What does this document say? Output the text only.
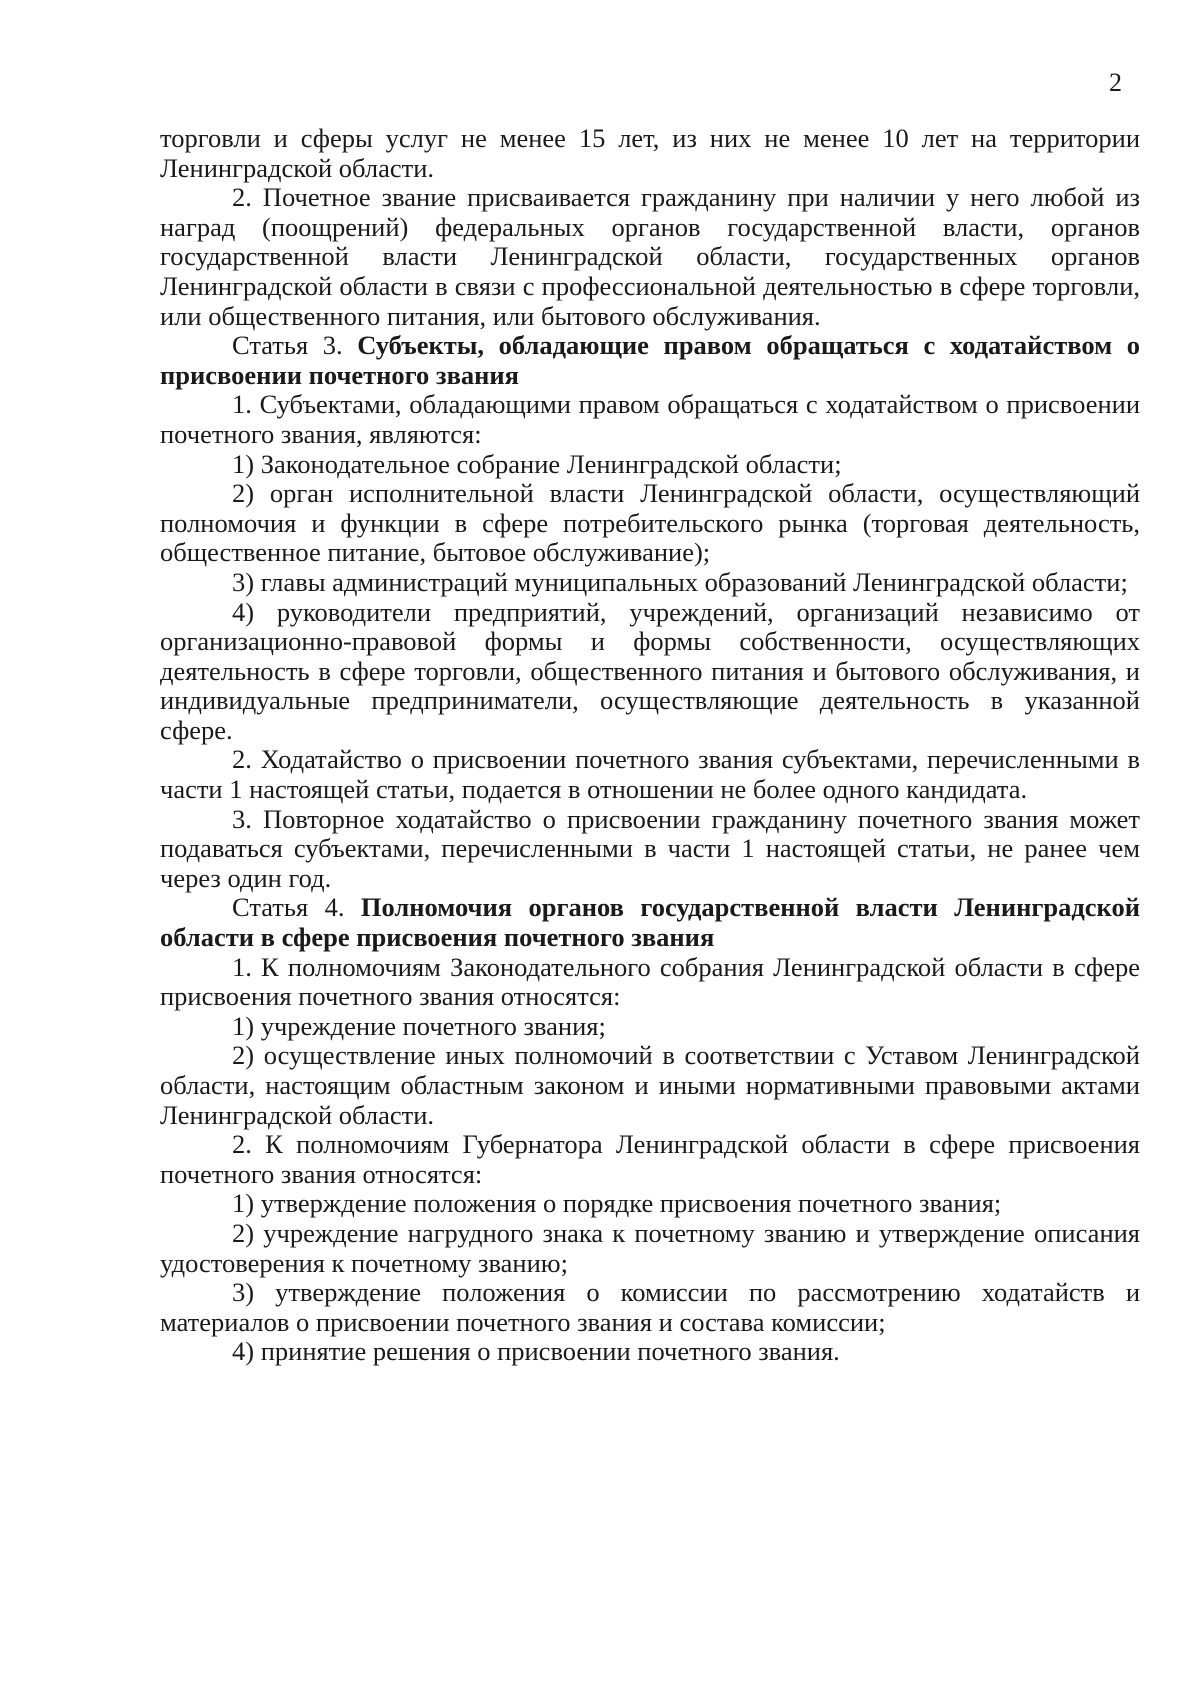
2

торговли и сферы услуг не менее 15 лет, из них не менее 10 лет на территории Ленинградской области.

2. Почетное звание присваивается гражданину при наличии у него любой из наград (поощрений) федеральных органов государственной власти, органов государственной власти Ленинградской области, государственных органов Ленинградской области в связи с профессиональной деятельностью в сфере торговли, или общественного питания, или бытового обслуживания.

Статья 3. Субъекты, обладающие правом обращаться с ходатайством о присвоении почетного звания

1. Субъектами, обладающими правом обращаться с ходатайством о присвоении почетного звания, являются:

1) Законодательное собрание Ленинградской области;

2) орган исполнительной власти Ленинградской области, осуществляющий полномочия и функции в сфере потребительского рынка (торговая деятельность, общественное питание, бытовое обслуживание);

3) главы администраций муниципальных образований Ленинградской области;

4) руководители предприятий, учреждений, организаций независимо от организационно-правовой формы и формы собственности, осуществляющих деятельность в сфере торговли, общественного питания и бытового обслуживания, и индивидуальные предприниматели, осуществляющие деятельность в указанной сфере.

2. Ходатайство о присвоении почетного звания субъектами, перечисленными в части 1 настоящей статьи, подается в отношении не более одного кандидата.

3. Повторное ходатайство о присвоении гражданину почетного звания может подаваться субъектами, перечисленными в части 1 настоящей статьи, не ранее чем через один год.

Статья 4. Полномочия органов государственной власти Ленинградской области в сфере присвоения почетного звания

1. К полномочиям Законодательного собрания Ленинградской области в сфере присвоения почетного звания относятся:

1) учреждение почетного звания;

2) осуществление иных полномочий в соответствии с Уставом Ленинградской области, настоящим областным законом и иными нормативными правовыми актами Ленинградской области.

2. К полномочиям Губернатора Ленинградской области в сфере присвоения почетного звания относятся:

1) утверждение положения о порядке присвоения почетного звания;

2) учреждение нагрудного знака к почетному званию и утверждение описания удостоверения к почетному званию;

3) утверждение положения о комиссии по рассмотрению ходатайств и материалов о присвоении почетного звания и состава комиссии;

4) принятие решения о присвоении почетного звания.
